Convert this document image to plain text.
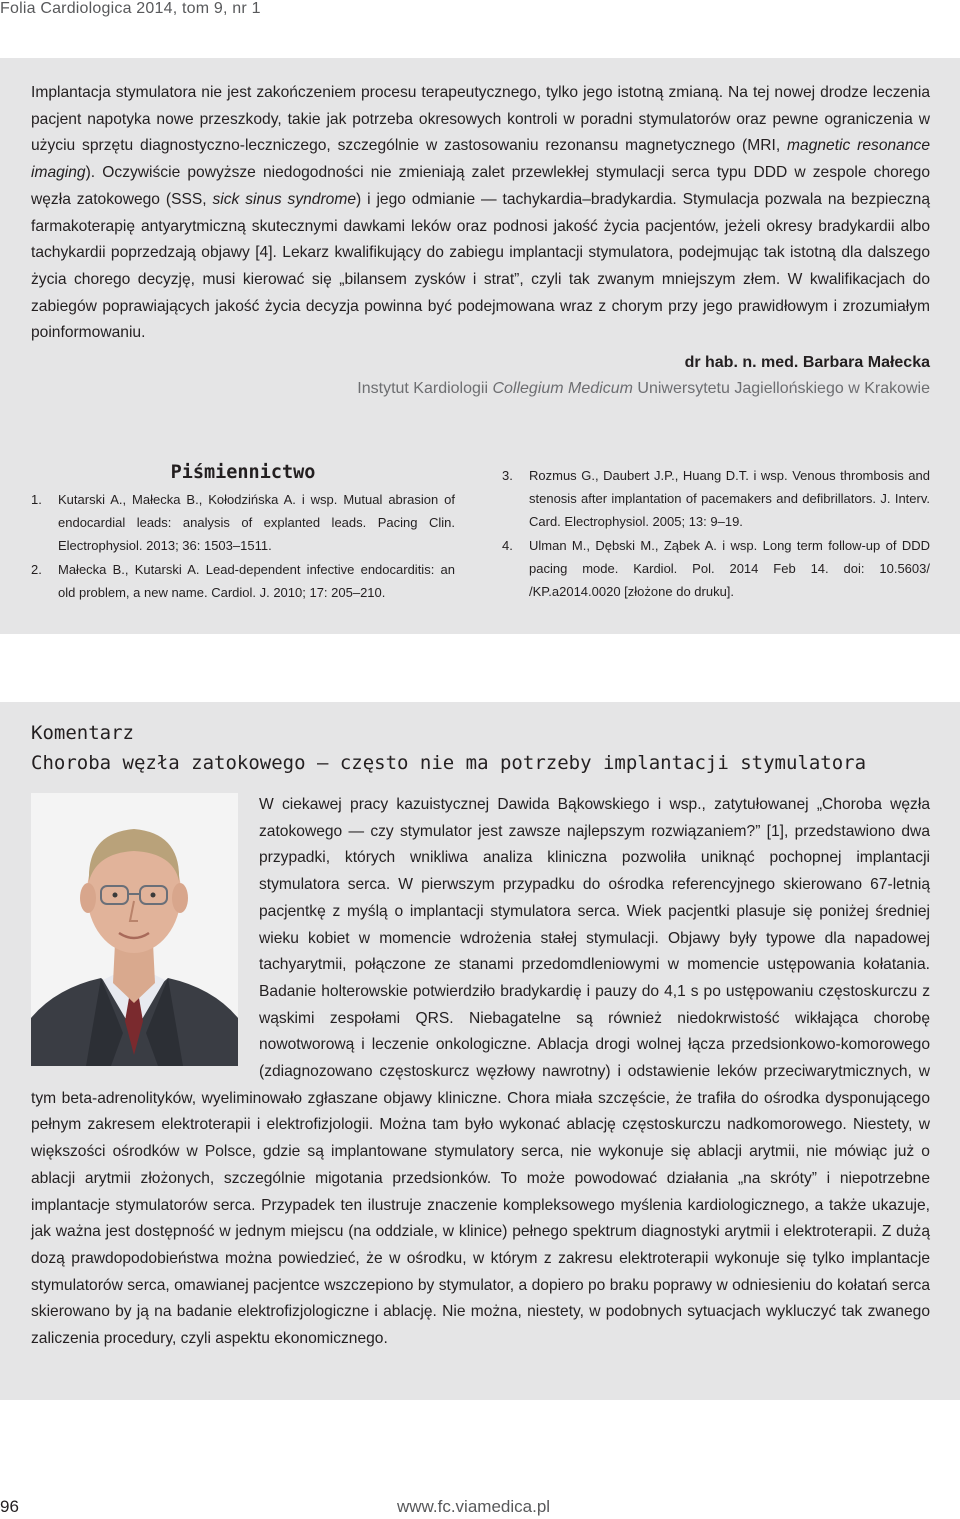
Folia Cardiologica 2014, tom 9, nr 1

Implantacja stymulatora nie jest zakończeniem procesu terapeutycznego, tylko jego istotną zmianą. Na tej nowej drodze leczenia pacjent napotyka nowe przeszkody, takie jak potrzeba okresowych kontroli w poradni stymulatorów oraz pewne ograniczenia w użyciu sprzętu diagnostyczno-leczniczego, szczególnie w zastosowaniu rezonansu magnetycznego (MRI, magnetic resonance imaging). Oczywiście powyższe niedogodności nie zmieniają zalet przewlekłej stymulacji serca typu DDD w zespole chorego węzła zatokowego (SSS, sick sinus syndrome) i jego odmianie — tachykardia–bradykardia. Stymulacja pozwala na bezpieczną farmakoterapię antyarytmiczną skutecznymi dawkami leków oraz podnosi jakość życia pacjentów, jeżeli okresy bradykardii albo tachykardii poprzedzają objawy [4]. Lekarz kwalifikujący do zabiegu implantacji stymulatora, podejmując tak istotną dla dalszego życia chorego decyzję, musi kierować się „bilansem zysków i strat”, czyli tak zwanym mniejszym złem. W kwalifikacjach do zabiegów poprawiających jakość życia decyzja powinna być podejmowana wraz z chorym przy jego prawidłowym i zrozumiałym poinformowaniu.

dr hab. n. med. Barbara Małecka

Instytut Kardiologii Collegium Medicum Uniwersytetu Jagiellońskiego w Krakowie

Piśmiennictwo
1. Kutarski A., Małecka B., Kołodzińska A. i wsp. Mutual abrasion of endocardial leads: analysis of explanted leads. Pacing Clin. Electrophysiol. 2013; 36: 1503–1511.
2. Małecka B., Kutarski A. Lead-dependent infective endocarditis: an old problem, a new name. Cardiol. J. 2010; 17: 205–210.
3. Rozmus G., Daubert J.P., Huang D.T. i wsp. Venous thrombosis and stenosis after implantation of pacemakers and defibrillators. J. Interv. Card. Electrophysiol. 2005; 13: 9–19.
4. Ulman M., Dębski M., Ząbek A. i wsp. Long term follow-up of DDD pacing mode. Kardiol. Pol. 2014 Feb 14. doi: 10.5603/ /KP.a2014.0020 [złożone do druku].
Komentarz
Choroba węzła zatokowego — często nie ma potrzeby implantacji stymulatora

W ciekawej pracy kazuistycznej Dawida Bąkowskiego i wsp., zatytułowanej „Choroba węzła zatokowego — czy stymulator jest zawsze najlepszym rozwiązaniem?” [1], przedstawiono dwa przypadki, których wnikliwa analiza kliniczna pozwoliła uniknąć pochopnej implantacji stymulatora serca. W pierwszym przypadku do ośrodka referencyjnego skierowano 67-letnią pacjentkę z myślą o implantacji stymulatora serca. Wiek pacjentki plasuje się poniżej średniej wieku kobiet w momencie wdrożenia stałej stymulacji. Objawy były typowe dla napadowej tachyarytmii, połączone ze stanami przedomdleniowymi w momencie ustępowania kołatania. Badanie holterowskie potwierdziło bradykardię i pauzy do 4,1 s po ustępowaniu częstoskurczu z wąskimi zespołami QRS. Niebagatelne są również niedokrwistość wikłająca chorobę nowotworową i leczenie onkologiczne. Ablacja drogi wolnej łącza przedsionkowo-komorowego (zdiagnozowano częstoskurcz węzłowy nawrotny) i odstawienie leków przeciwarytmicznych, w tym beta-adrenolityków, wyeliminowało zgłaszane objawy kliniczne. Chora miała szczęście, że trafiła do ośrodka dysponującego pełnym zakresem elektroterapii i elektrofizjologii. Można tam było wykonać ablację częstoskurczu nadkomorowego. Niestety, w większości ośrodków w Polsce, gdzie są implantowane stymulatory serca, nie wykonuje się ablacji arytmii, nie mówiąc już o ablacji arytmii złożonych, szczególnie migotania przedsionków. To może powodować działania „na skróty” i niepotrzebne implantacje stymulatorów serca. Przypadek ten ilustruje znaczenie kompleksowego myślenia kardiologicznego, a także ukazuje, jak ważna jest dostępność w jednym miejscu (na oddziale, w klinice) pełnego spektrum diagnostyki arytmii i elektroterapii. Z dużą dozą prawdopodobieństwa można powiedzieć, że w ośrodku, w którym z zakresu elektroterapii wykonuje się tylko implantacje stymulatorów serca, omawianej pacjentce wszczepiono by stymulator, a dopiero po braku poprawy w odniesieniu do kołatań serca skierowano by ją na badanie elektrofizjologiczne i ablację. Nie można, niestety, w podobnych sytuacjach wykluczyć tak zwanego zaliczenia procedury, czyli aspektu ekonomicznego.

96	www.fc.viamedica.pl
